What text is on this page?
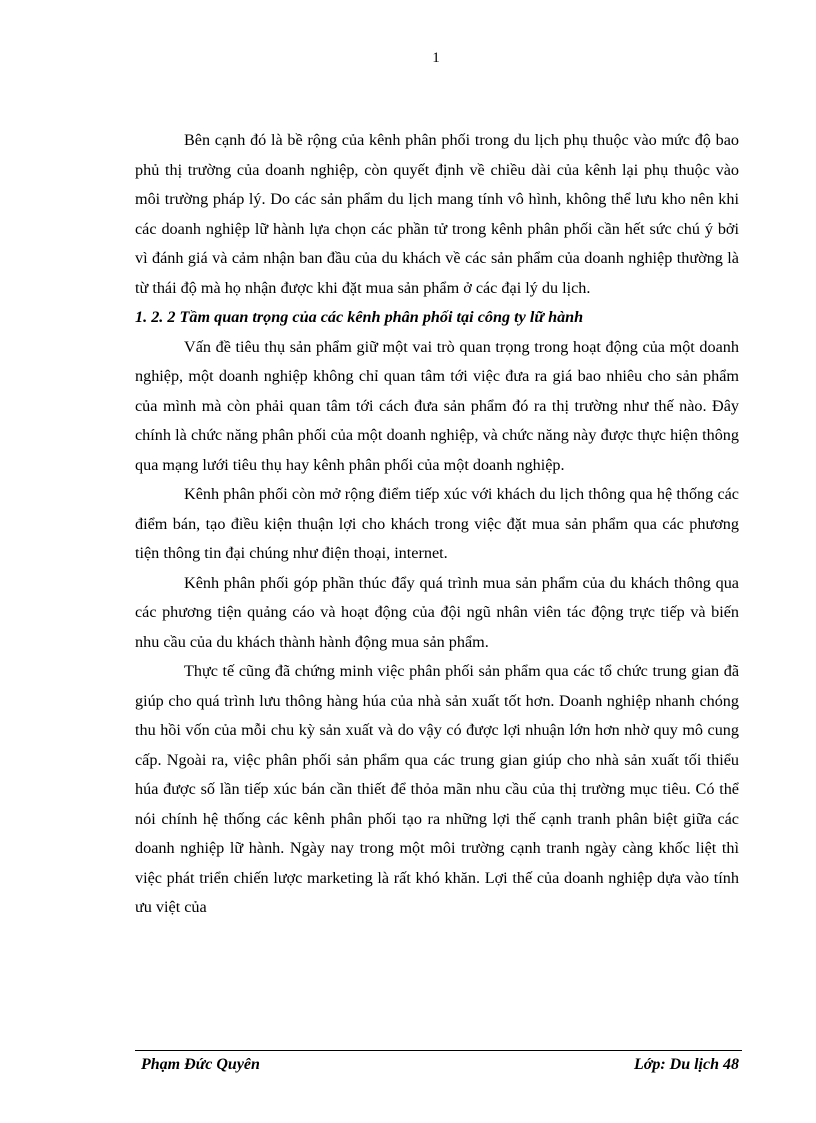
1

Bên cạnh đó là bề rộng của kênh phân phối trong du lịch phụ thuộc vào mức độ bao phủ thị trường của doanh nghiệp, còn quyết định về chiều dài của kênh lại phụ thuộc vào môi trường pháp lý. Do các sản phẩm du lịch mang tính vô hình, không thể lưu kho nên khi các doanh nghiệp lữ hành lựa chọn các phần tử trong kênh phân phối cần hết sức chú ý bởi vì đánh giá và cảm nhận ban đầu của du khách về các sản phẩm của doanh nghiệp thường là từ thái độ mà họ nhận được khi đặt mua sản phẩm ở các đại lý du lịch.

1. 2. 2 Tầm quan trọng của các kênh phân phối tại công ty lữ hành

Vấn đề tiêu thụ sản phẩm giữ một vai trò quan trọng trong hoạt động của một doanh nghiệp, một doanh nghiệp không chỉ quan tâm tới việc đưa ra giá bao nhiêu cho sản phẩm của mình mà còn phải quan tâm tới cách đưa sản phẩm đó ra thị trường như thế nào. Đây chính là chức năng phân phối của một doanh nghiệp, và chức năng này được thực hiện thông qua mạng lưới tiêu thụ hay kênh phân phối của một doanh nghiệp.

Kênh phân phối còn mở rộng điểm tiếp xúc với khách du lịch thông qua hệ thống các điểm bán, tạo điều kiện thuận lợi cho khách trong việc đặt mua sản phẩm qua các phương tiện thông tin đại chúng như điện thoại, internet.

Kênh phân phối góp phần thúc đẩy quá trình mua sản phẩm của du khách thông qua các phương tiện quảng cáo và hoạt động của đội ngũ nhân viên tác động trực tiếp và biến nhu cầu của du khách thành hành động mua sản phẩm.

Thực tế cũng đã chứng minh việc phân phối sản phẩm qua các tổ chức trung gian đã giúp cho quá trình lưu thông hàng húa của nhà sản xuất tốt hơn. Doanh nghiệp nhanh chóng thu hồi vốn của mỗi chu kỳ sản xuất và do vậy có được lợi nhuận lớn hơn nhờ quy mô cung cấp. Ngoài ra, việc phân phối sản phẩm qua các trung gian giúp cho nhà sản xuất tối thiểu húa được số lần tiếp xúc bán cần thiết để thỏa mãn nhu cầu của thị trường mục tiêu. Có thể nói chính hệ thống các kênh phân phối tạo ra những lợi thế cạnh tranh phân biệt giữa các doanh nghiệp lữ hành. Ngày nay trong một môi trường cạnh tranh ngày càng khốc liệt thì việc phát triển chiến lược marketing là rất khó khăn. Lợi thế của doanh nghiệp dựa vào tính ưu việt của

Phạm Đức Quyên	Lớp: Du lịch 48
